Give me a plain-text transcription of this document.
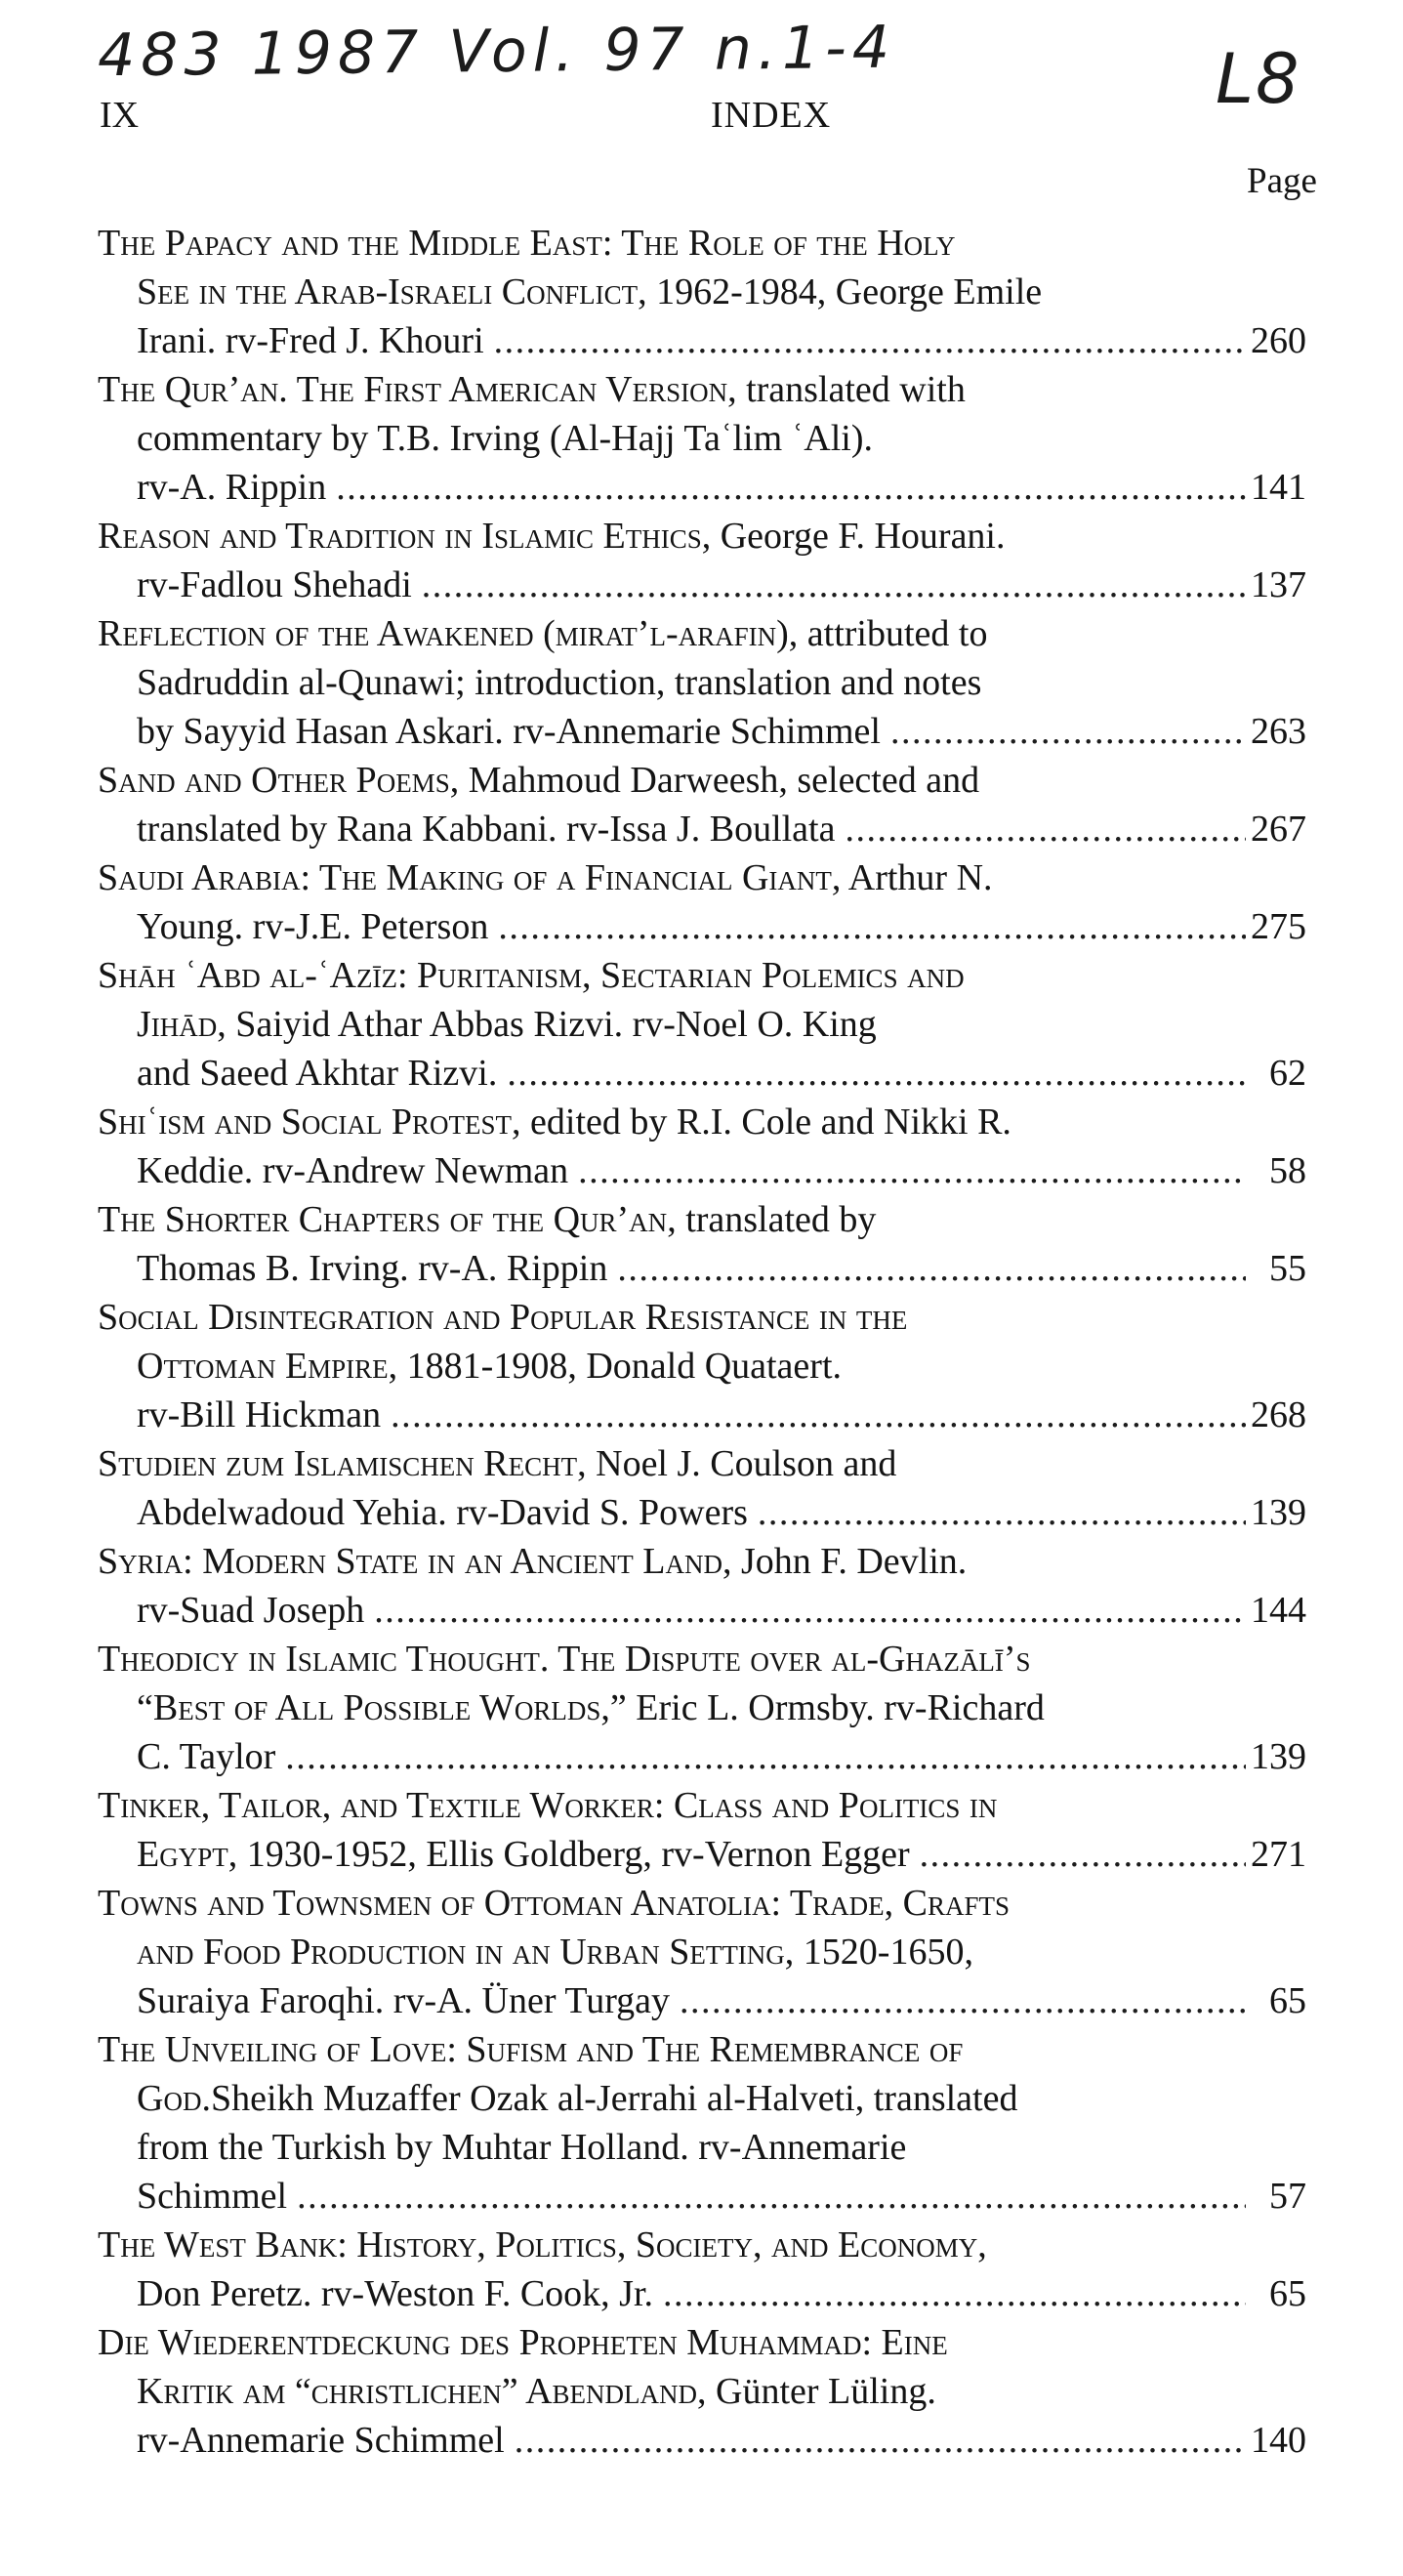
483 1987 Vol. 97 n.1-4	L8
IX	INDEX
Page
The Papacy and the Middle East: The Role of the Holy
See in the Arab-Israeli Conflict, 1962-1984, George Emile
Irani. rv-Fred J. Khouri . . .	260
The Qur’an. The First American Version, translated with
commentary by T.B. Irving (Al-Hajj Taʿlim ʿAli).
rv-A. Rippin . . .	141
Reason and Tradition in Islamic Ethics, George F. Hourani.
rv-Fadlou Shehadi . . .	137
Reflection of the Awakened (mirat’l-arafin), attributed to
Sadruddin al-Qunawi; introduction, translation and notes
by Sayyid Hasan Askari. rv-Annemarie Schimmel . . .	263
Sand and Other Poems, Mahmoud Darweesh, selected and
translated by Rana Kabbani. rv-Issa J. Boullata . . .	267
Saudi Arabia: The Making of a Financial Giant, Arthur N.
Young. rv-J.E. Peterson . . .	275
Shāh ʿAbd al-ʿAzīz: Puritanism, Sectarian Polemics and
Jihād, Saiyid Athar Abbas Rizvi. rv-Noel O. King
and Saeed Akhtar Rizvi. . . .	62
Shiʿism and Social Protest, edited by R.I. Cole and Nikki R.
Keddie. rv-Andrew Newman . . .	58
The Shorter Chapters of the Qur’an, translated by
Thomas B. Irving. rv-A. Rippin . . .	55
Social Disintegration and Popular Resistance in the
Ottoman Empire, 1881-1908, Donald Quataert.
rv-Bill Hickman . . .	268
Studien zum Islamischen Recht, Noel J. Coulson and
Abdelwadoud Yehia. rv-David S. Powers . . .	139
Syria: Modern State in an Ancient Land, John F. Devlin.
rv-Suad Joseph . . .	144
Theodicy in Islamic Thought. The Dispute over al-Ghazālī’s
“Best of All Possible Worlds,” Eric L. Ormsby. rv-Richard
C. Taylor . . .	139
Tinker, Tailor, and Textile Worker: Class and Politics in
Egypt, 1930-1952, Ellis Goldberg, rv-Vernon Egger . . .	271
Towns and Townsmen of Ottoman Anatolia: Trade, Crafts
and Food Production in an Urban Setting, 1520-1650,
Suraiya Faroqhi. rv-A. Üner Turgay . . .	65
The Unveiling of Love: Sufism and The Remembrance of
God.Sheikh Muzaffer Ozak al-Jerrahi al-Halveti, translated
from the Turkish by Muhtar Holland. rv-Annemarie
Schimmel . . .	57
The West Bank: History, Politics, Society, and Economy,
Don Peretz. rv-Weston F. Cook, Jr. . . .	65
Die Wiederentdeckung des Propheten Muhammad: Eine
Kritik am “christlichen” Abendland, Günter Lüling.
rv-Annemarie Schimmel . . .	140
